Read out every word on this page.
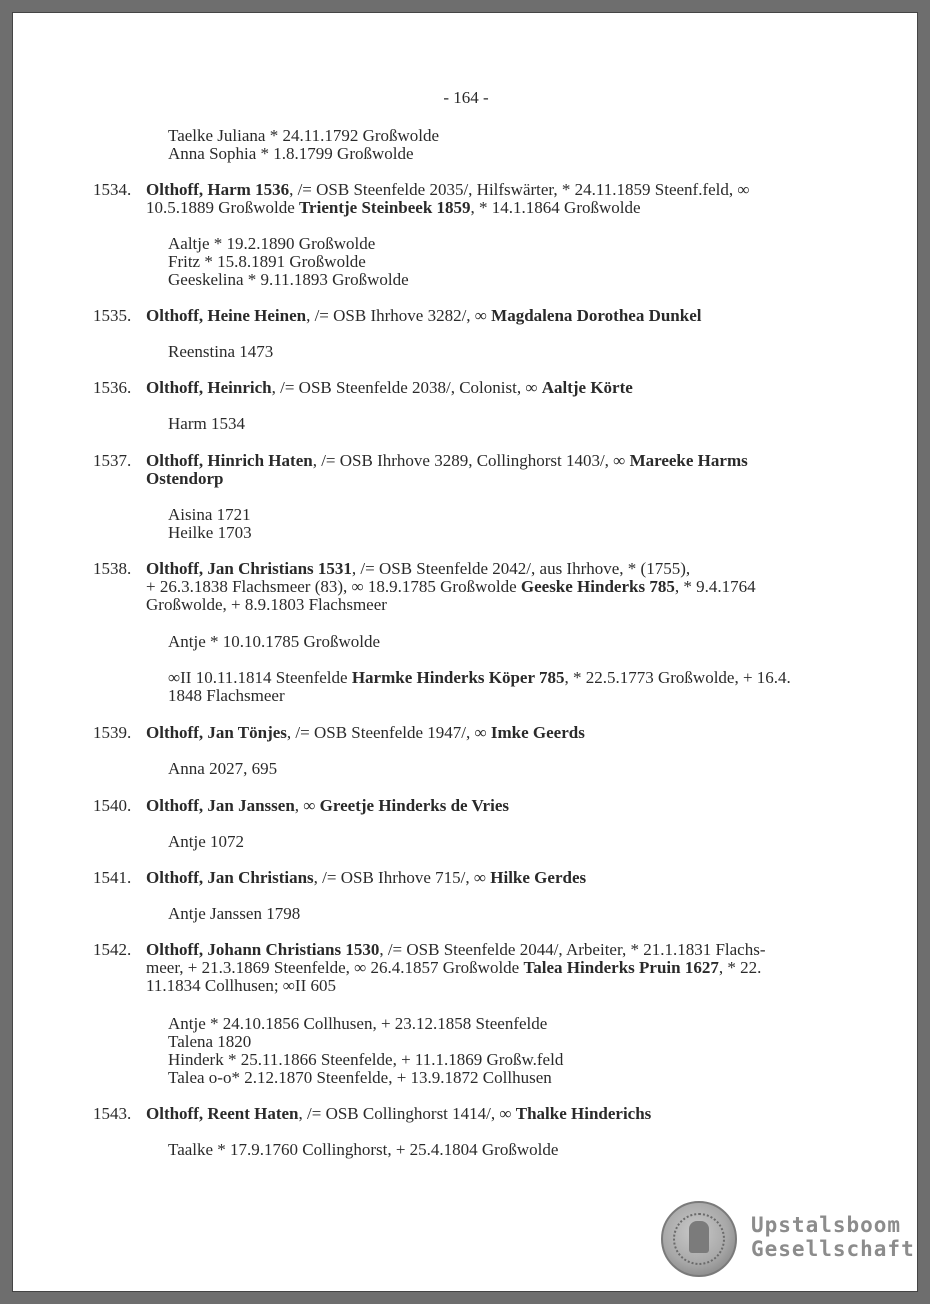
- 164 -
Taelke Juliana * 24.11.1792 Großwolde
Anna Sophia * 1.8.1799 Großwolde
1534. Olthoff, Harm 1536, /= OSB Steenfelde 2035/, Hilfswärter, * 24.11.1859 Steenf.feld, ∞
10.5.1889 Großwolde Trientje Steinbeek 1859, * 14.1.1864 Großwolde
Aaltje * 19.2.1890 Großwolde
Fritz * 15.8.1891 Großwolde
Geeskelina * 9.11.1893 Großwolde
1535. Olthoff, Heine Heinen, /= OSB Ihrhove 3282/, ∞ Magdalena Dorothea Dunkel
Reenstina 1473
1536. Olthoff, Heinrich, /= OSB Steenfelde 2038/, Colonist, ∞ Aaltje Körte
Harm 1534
1537. Olthoff, Hinrich Haten, /= OSB Ihrhove 3289, Collinghorst 1403/, ∞ Mareeke Harms
Ostendorp
Aisina 1721
Heilke 1703
1538. Olthoff, Jan Christians 1531, /= OSB Steenfelde 2042/, aus Ihrhove, * (1755),
+ 26.3.1838 Flachsmeer (83), ∞ 18.9.1785 Großwolde Geeske Hinderks 785, * 9.4.1764
Großwolde, + 8.9.1803 Flachsmeer
Antje * 10.10.1785 Großwolde
∞II 10.11.1814 Steenfelde Harmke Hinderks Köper 785, * 22.5.1773 Großwolde, + 16.4.
1848 Flachsmeer
1539. Olthoff, Jan Tönjes, /= OSB Steenfelde 1947/, ∞ Imke Geerds
Anna 2027, 695
1540. Olthoff, Jan Janssen, ∞ Greetje Hinderks de Vries
Antje 1072
1541. Olthoff, Jan Christians, /= OSB Ihrhove 715/, ∞ Hilke Gerdes
Antje Janssen 1798
1542. Olthoff, Johann Christians 1530, /= OSB Steenfelde 2044/, Arbeiter, * 21.1.1831 Flachs-
meer, + 21.3.1869 Steenfelde, ∞ 26.4.1857 Großwolde Talea Hinderks Pruin 1627, * 22.
11.1834 Collhusen; ∞II 605
Antje * 24.10.1856 Collhusen, + 23.12.1858 Steenfelde
Talena 1820
Hinderk * 25.11.1866 Steenfelde, + 11.1.1869 Großw.feld
Talea o-o* 2.12.1870 Steenfelde, + 13.9.1872 Collhusen
1543. Olthoff, Reent Haten, /= OSB Collinghorst 1414/, ∞ Thalke Hinderichs
Taalke * 17.9.1760 Collinghorst, + 25.4.1804 Großwolde
Upstalsboom
Gesellschaft
